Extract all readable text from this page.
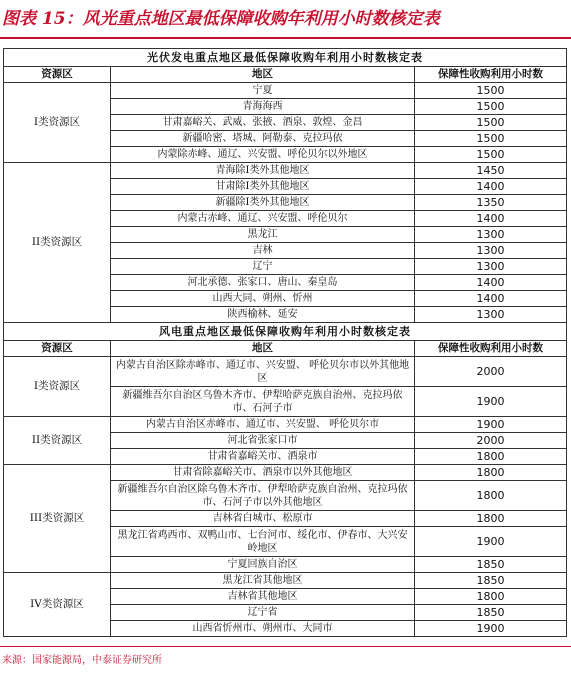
图表 15：风光重点地区最低保障收购年利用小时数核定表
光伏发电重点地区最低保障收购年利用小时数核定表		
资源区	地区	保障性收购利用小时数
I类资源区	宁夏	1500
	青海海西	1500
	甘肃嘉峪关、武威、张掖、酒泉、敦煌、金昌	1500
	新疆哈密、塔城、阿勒泰、克拉玛依	1500
	内蒙除赤峰、通辽、兴安盟、呼伦贝尔以外地区	1500
II类资源区	青海除I类外其他地区	1450
	甘肃除I类外其他地区	1400
	新疆除I类外其他地区	1350
	内蒙古赤峰、通辽、兴安盟、呼伦贝尔	1400
	黑龙江	1300
	吉林	1300
	辽宁	1300
	河北承德、张家口、唐山、秦皇岛	1400
	山西大同、朔州、忻州	1400
	陕西榆林、延安	1300
风电重点地区最低保障收购年利用小时数核定表		
资源区	地区	保障性收购利用小时数
I类资源区	内蒙古自治区除赤峰市、通辽市、兴安盟、 呼伦贝尔市以外其他地区	2000
	新疆维吾尔自治区乌鲁木齐市、伊犁哈萨克族自治州、克拉玛依市、石河子市	1900
II类资源区	内蒙古自治区赤峰市、通辽市、兴安盟、 呼伦贝尔市	1900
	河北省张家口市	2000
	甘肃省嘉峪关市、酒泉市	1800
III类资源区	甘肃省除嘉峪关市、酒泉市以外其他地区	1800
	新疆维吾尔自治区除乌鲁木齐市、伊犁哈萨克族自治州、克拉玛依市、石河子市以外其他地区	1800
	吉林省白城市、松原市	1800
	黑龙江省鸡西市、双鸭山市、七台河市、绥化市、伊春市、大兴安岭地区	1900
	宁夏回族自治区	1850
IV类资源区	黑龙江省其他地区	1850
	吉林省其他地区	1800
	辽宁省	1850
	山西省忻州市、朔州市、大同市	1900
来源：国家能源局，中泰证券研究所
